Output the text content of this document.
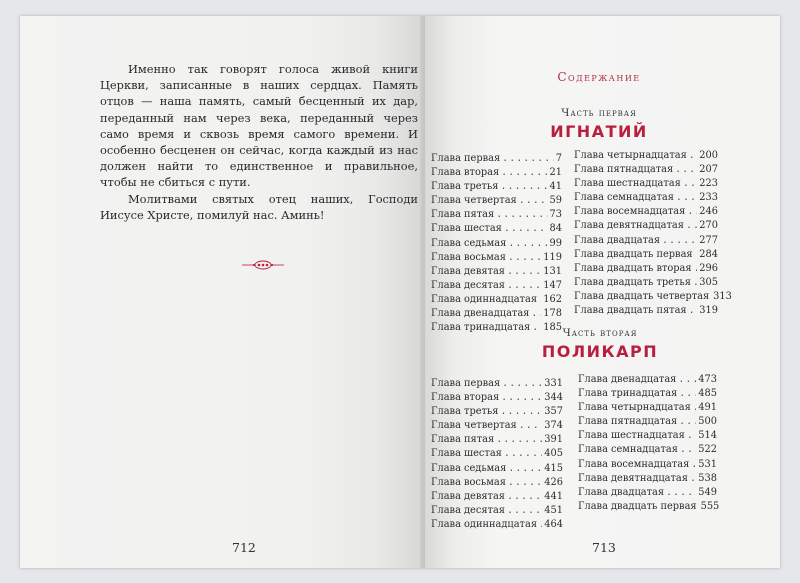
Именно так говорят голоса живой книги Церкви, записанные в наших сердцах. Память отцов — наша память, самый бесценный их дар, переданный нам через века, переданный через само время и сквозь время самого времени. И особенно бесценен он сейчас, когда каждый из нас должен найти то единственное и правильное, чтобы не сбиться с пути.

Молитвами святых отец наших, Господи Иисусе Христе, помилуй нас. Аминь!

712
Содержание
Часть первая
ИГНАТИЙ
Глава первая .....	7
Глава вторая .....	21
Глава третья .....	41
Глава четвертая .....	59
Глава пятая .....	73
Глава шестая .....	84
Глава седьмая .....	99
Глава восьмая .....	119
Глава девятая .....	131
Глава десятая .....	147
Глава одиннадцатая ..... 162
Глава двенадцатая ..... 178
Глава тринадцатая ..... 185
Глава четырнадцатая ..... 200
Глава пятнадцатая .....	207
Глава шестнадцатая ..... 223
Глава семнадцатая .....	233
Глава восемнадцатая ..... 246
Глава девятнадцатая ..... 270
Глава двадцатая .....	277
Глава двадцать первая ..... 284
Глава двадцать вторая ..... 296
Глава двадцать третья ..... 305
Глава двадцать четвертая 313
Глава двадцать пятая ..... 319
Часть вторая
ПОЛИКАРП
Глава первая .....	331
Глава вторая .....	344
Глава третья .....	357
Глава четвертая .....	374
Глава пятая .....	391
Глава шестая .....	405
Глава седьмая .....	415
Глава восьмая .....	426
Глава девятая .....	441
Глава десятая .....	451
Глава одиннадцатая ..... 464
Глава двенадцатая ..... 473
Глава тринадцатая ..... 485
Глава четырнадцатая ..... 491
Глава пятнадцатая ..... 500
Глава шестнадцатая ..... 514
Глава семнадцатая ..... 522
Глава восемнадцатая ..... 531
Глава девятнадцатая ..... 538
Глава двадцатая .....	549
Глава двадцать первая 555
713
